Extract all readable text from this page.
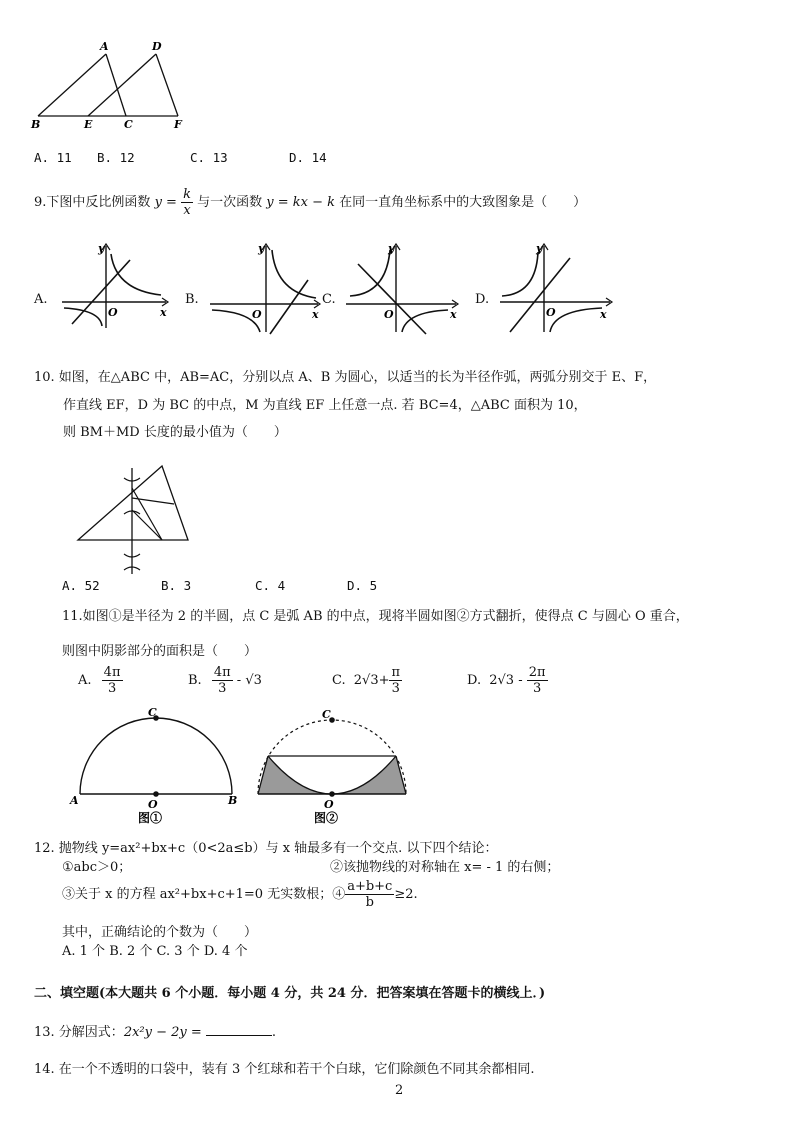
A	D
B	E	C	F
A. 11 B. 12	C. 13	D. 14
9.下图中反比例函数 $y = \frac{k}{x}$ 与一次函数 y = kx − k 在同一直角坐标系中的大致图象是（　　）
A.
y
O	x
B.
y
O	x
C.
y
O	x
D.
y
O	x
10. 如图，在△ABC 中，AB=AC，分别以点 A、B 为圆心，以适当的长为半径作弧，两弧分别交于 E、F，
作直线 EF，D 为 BC 的中点，M 为直线 EF 上任意一点. 若 BC=4，△ABC 面积为 10，
则 BM＋MD 长度的最小值为（　　）
A. 52	B. 3	C. 4	D. 5
11.如图①是半径为 2 的半圆，点 C 是弧 AB 的中点，现将半圆如图②方式翻折，使得点 C 与圆心 O 重合，
则图中阴影部分的面积是（　　）
A. $\frac{4\pi}{3}$	B. $\frac{4\pi}{3} - √3$	C. $2√3+ \frac{\pi}{3}$	D. $2√3 - \frac{2\pi}{3}$
C
A	O	B
图①
C
O
图②
12. 抛物线 y=ax²+bx+c（0<2a≤b）与 x 轴最多有一个交点. 以下四个结论：
①abc＞0；	②该抛物线的对称轴在 x= - 1 的右侧；
③关于 x 的方程 ax²+bx+c+1=0 无实数根；④ $\frac{a+b+c}{b} \ge 2$.
其中，正确结论的个数为（　　）
A. 1 个 B. 2 个 C. 3 个 D. 4 个
二、填空题(本大题共 6 个小题．每小题 4 分，共 24 分．把答案填在答题卡的横线上．)
13. 分解因式：2x²y − 2y =	.
14. 在一个不透明的口袋中，装有 3 个红球和若干个白球，它们除颜色不同其余都相同.
2
